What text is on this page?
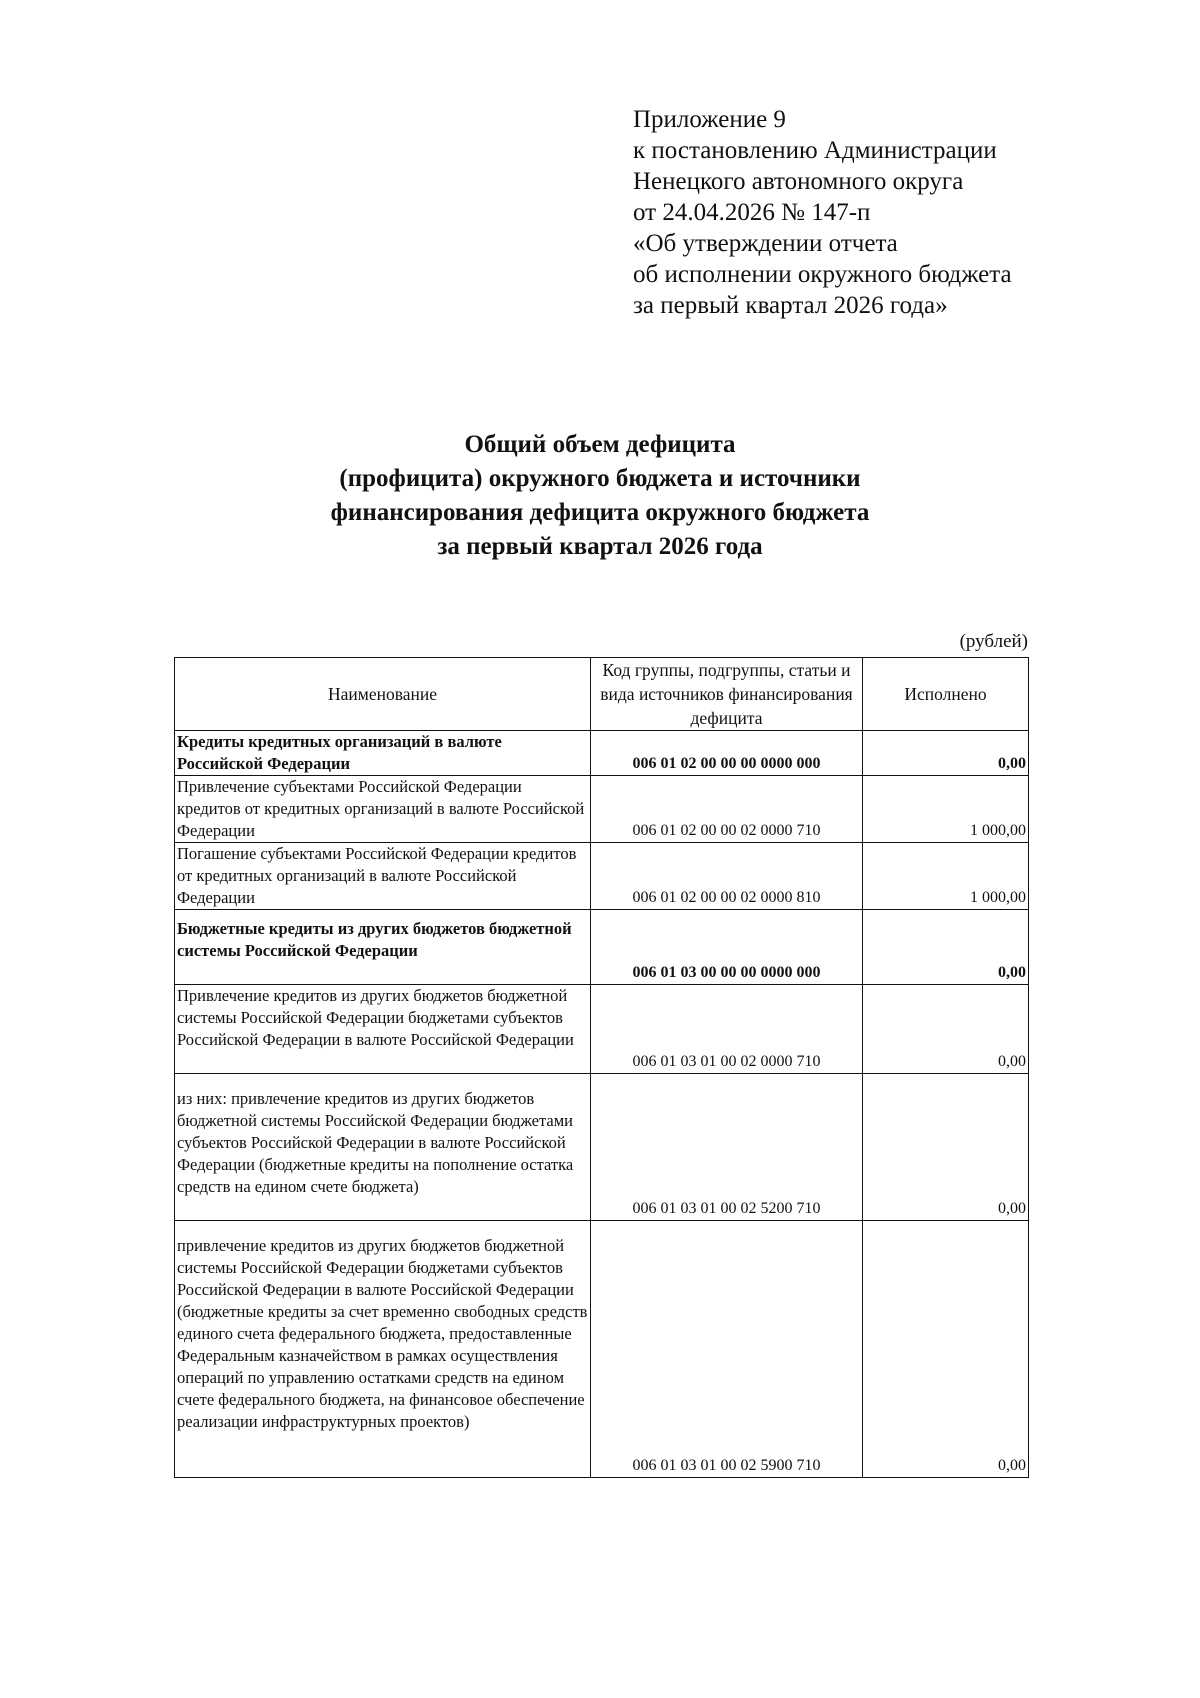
Приложение 9
к постановлению Администрации
Ненецкого автономного округа
от 24.04.2026 № 147-п
«Об утверждении отчета
об исполнении окружного бюджета
за первый квартал 2026 года»
Общий объем дефицита
(профицита) окружного бюджета и источники
финансирования дефицита окружного бюджета
за первый квартал 2026 года
(рублей)
Наименование	Код группы, подгруппы, статьи и вида источников финансирования дефицита	Исполнено
Кредиты кредитных организаций в валюте Российской Федерации	006 01 02 00 00 00 0000 000	0,00
Привлечение субъектами Российской Федерации кредитов от кредитных организаций в валюте Российской Федерации	006 01 02 00 00 02 0000 710	1 000,00
Погашение субъектами Российской Федерации кредитов от кредитных организаций в валюте Российской Федерации	006 01 02 00 00 02 0000 810	1 000,00
Бюджетные кредиты из других бюджетов бюджетной системы Российской Федерации	006 01 03 00 00 00 0000 000	0,00
Привлечение кредитов из других бюджетов бюджетной системы Российской Федерации бюджетами субъектов Российской Федерации в валюте Российской Федерации	006 01 03 01 00 02 0000 710	0,00
из них: привлечение кредитов из других бюджетов бюджетной системы Российской Федерации бюджетами субъектов Российской Федерации в валюте Российской Федерации (бюджетные кредиты на пополнение остатка средств на едином счете бюджета)	006 01 03 01 00 02 5200 710	0,00
привлечение кредитов из других бюджетов бюджетной системы Российской Федерации бюджетами субъектов Российской Федерации в валюте Российской Федерации (бюджетные кредиты за счет временно свободных средств единого счета федерального бюджета, предоставленные Федеральным казначейством в рамках осуществления операций по управлению остатками средств на едином счете федерального бюджета, на финансовое обеспечение реализации инфраструктурных проектов)	006 01 03 01 00 02 5900 710	0,00
